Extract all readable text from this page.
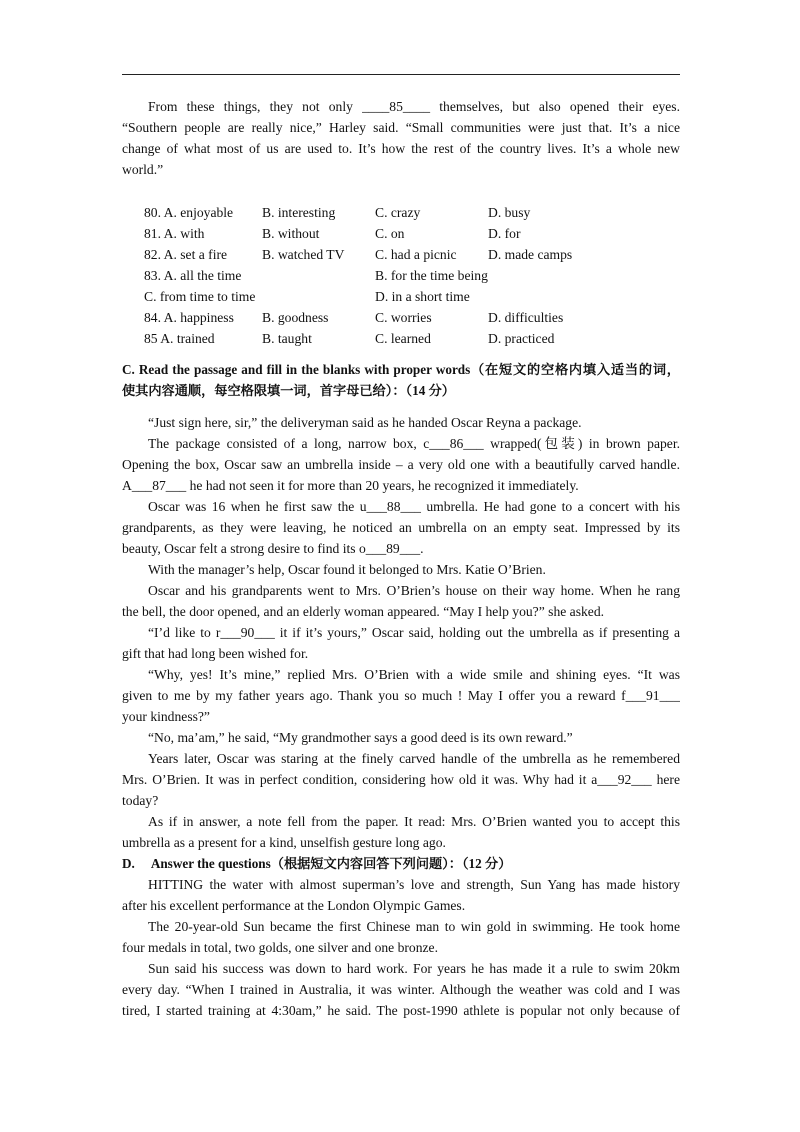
From these things, they not only ____85____ themselves, but also opened their eyes.
“Southern people are really nice,” Harley said. “Small communities were just that. It’s a nice
change of what most of us are used to. It’s how the rest of the country lives. It’s a whole new
world.”
80. A. enjoyable B. interesting	C. crazy	D. busy
81. A. with	B. without	C. on	D. for
82. A. set a fire	B. watched TV C. had a picnic D. made camps
83. A. all the time	B. for the time being
C. from time to time	D. in a short time
84. A. happiness B. goodness	C. worries	D. difficulties
85 A. trained	B. taught	C. learned	D. practiced
C. Read the passage and fill in the blanks with proper words（在短文的空格内填入适当的词，
使其内容通顺，每空格限填一词，首字母已给）：（14 分）
“Just sign here, sir,” the deliveryman said as he handed Oscar Reyna a package.
The package consisted of a long, narrow box, c___86___ wrapped(包装) in brown paper.
Opening the box, Oscar saw an umbrella inside – a very old one with a beautifully carved handle.
A___87___ he had not seen it for more than 20 years, he recognized it immediately.
Oscar was 16 when he first saw the u___88___ umbrella. He had gone to a concert with his
grandparents, as they were leaving, he noticed an umbrella on an empty seat. Impressed by its
beauty, Oscar felt a strong desire to find its o___89___.
With the manager’s help, Oscar found it belonged to Mrs. Katie O’Brien.
Oscar and his grandparents went to Mrs. O’Brien’s house on their way home. When he rang
the bell, the door opened, and an elderly woman appeared. “May I help you?” she asked.
“I’d like to r___90___ it if it’s yours,” Oscar said, holding out the umbrella as if presenting a
gift that had long been wished for.
“Why, yes! It’s mine,” replied Mrs. O’Brien with a wide smile and shining eyes. “It was
given to me by my father years ago. Thank you so much ! May I offer you a reward f___91___
your kindness?”
“No, ma’am,” he said, “My grandmother says a good deed is its own reward.”
Years later, Oscar was staring at the finely carved handle of the umbrella as he remembered
Mrs. O’Brien. It was in perfect condition, considering how old it was. Why had it a___92___ here
today?
As if in answer, a note fell from the paper. It read: Mrs. O’Brien wanted you to accept this
umbrella as a present for a kind, unselfish gesture long ago.
D. Answer the questions（根据短文内容回答下列问题）：（12 分）
HITTING the water with almost superman’s love and strength, Sun Yang has made history
after his excellent performance at the London Olympic Games.
The 20-year-old Sun became the first Chinese man to win gold in swimming. He took home
four medals in total, two golds, one silver and one bronze.
Sun said his success was down to hard work. For years he has made it a rule to swim 20km
every day. “When I trained in Australia, it was winter. Although the weather was cold and I was
tired, I started training at 4:30am,” he said. The post-1990 athlete is popular not only because of
